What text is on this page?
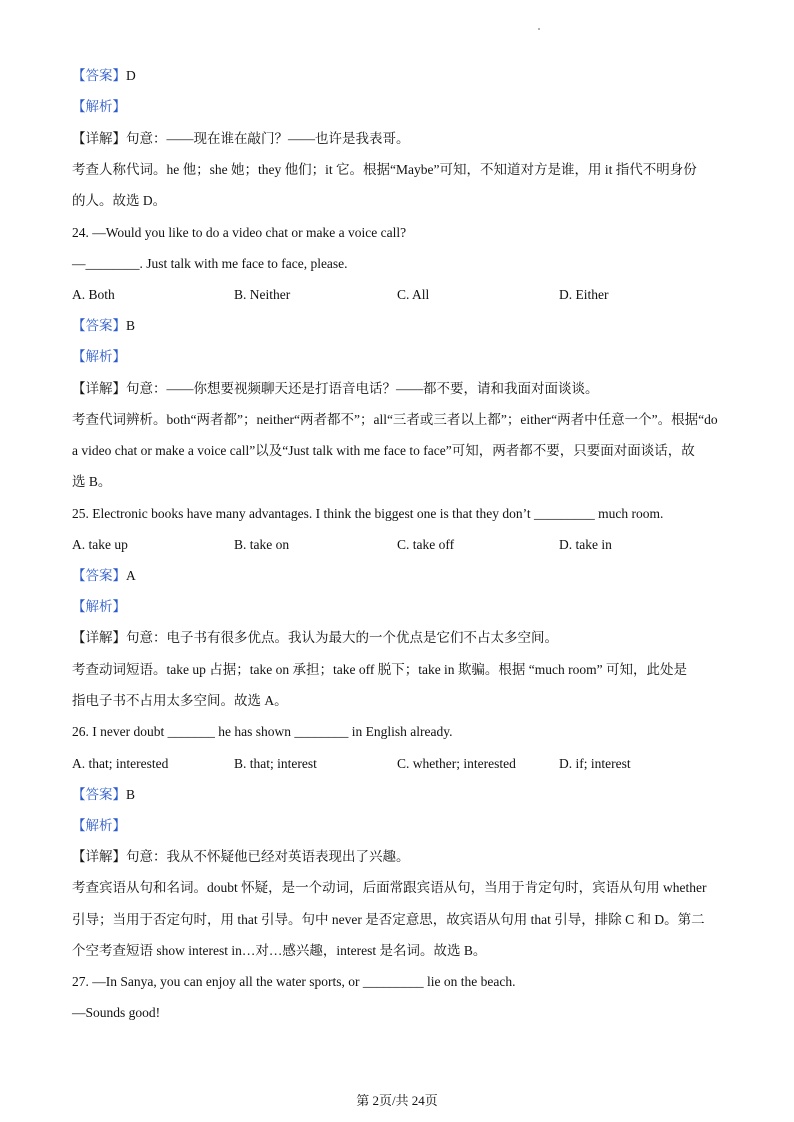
【答案】D
【解析】
【详解】句意：——现在谁在敲门？——也许是我表哥。
考查人称代词。he 他；she 她；they 他们；it 它。根据“Maybe”可知，不知道对方是谁，用 it 指代不明身份
的人。故选 D。
24. —Would you like to do a video chat or make a voice call?
—________. Just talk with me face to face, please.
A. Both	B. Neither	C. All	D. Either
【答案】B
【解析】
【详解】句意：——你想要视频聊天还是打语音电话？——都不要，请和我面对面谈谈。
考查代词辨析。both“两者都”；neither“两者都不”；all“三者或三者以上都”；either“两者中任意一个”。根据“do
a video chat or make a voice call”以及“Just talk with me face to face”可知，两者都不要，只要面对面谈话，故
选 B。
25. Electronic books have many advantages. I think the biggest one is that they don’t _________ much room.
A. take up	B. take on	C. take off	D. take in
【答案】A
【解析】
【详解】句意：电子书有很多优点。我认为最大的一个优点是它们不占太多空间。
考查动词短语。take up 占据；take on 承担；take off 脱下；take in 欺骗。根据 “much room” 可知，此处是
指电子书不占用太多空间。故选 A。
26. I never doubt _______ he has shown ________ in English already.
A. that; interested	B. that; interest	C. whether; interested	D. if; interest
【答案】B
【解析】
【详解】句意：我从不怀疑他已经对英语表现出了兴趣。
考查宾语从句和名词。doubt 怀疑，是一个动词，后面常跟宾语从句，当用于肯定句时，宾语从句用 whether
引导；当用于否定句时，用 that 引导。句中 never 是否定意思，故宾语从句用 that 引导，排除 C 和 D。第二
个空考查短语 show interest in…对…感兴趣，interest 是名词。故选 B。
27. —In Sanya, you can enjoy all the water sports, or _________ lie on the beach.
—Sounds good!
第 2页/共 24页
